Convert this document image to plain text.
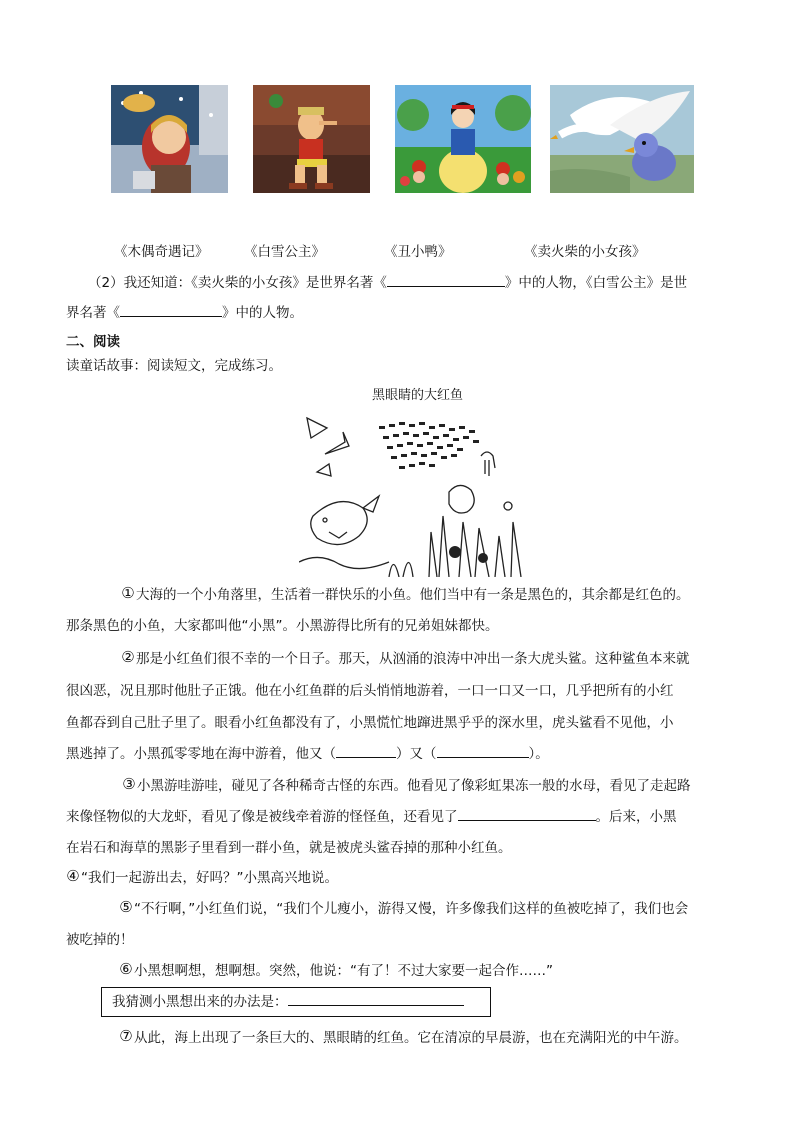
《木偶奇遇记》	《白雪公主》	《丑小鸭》	《卖火柴的小女孩》
（2）我还知道：《卖火柴的小女孩》是世界名著《	》中的人物，《白雪公主》是世
界名著《	》中的人物。
二、阅读
读童话故事：阅读短文，完成练习。
黑眼睛的大红鱼
①大海的一个小角落里，生活着一群快乐的小鱼。他们当中有一条是黑色的，其余都是红色的。
那条黑色的小鱼，大家都叫他“小黑”。小黑游得比所有的兄弟姐妹都快。
②那是小红鱼们很不幸的一个日子。那天，从汹涌的浪涛中冲出一条大虎头鲨。这种鲨鱼本来就
很凶恶，况且那时他肚子正饿。他在小红鱼群的后头悄悄地游着，一口一口又一口，几乎把所有的小红
鱼都吞到自己肚子里了。眼看小红鱼都没有了，小黑慌忙地蹿进黑乎乎的深水里，虎头鲨看不见他，小
黑逃掉了。小黑孤零零地在海中游着，他又（	）又（	）。
③小黑游哇游哇，碰见了各种稀奇古怪的东西。他看见了像彩虹果冻一般的水母，看见了走起路
来像怪物似的大龙虾，看见了像是被线牵着游的怪怪鱼，还看见了	。后来，小黑
在岩石和海草的黑影子里看到一群小鱼，就是被虎头鲨吞掉的那种小红鱼。
④“我们一起游出去，好吗？”小黑高兴地说。
⑤“不行啊，”小红鱼们说，“我们个儿瘦小，游得又慢，许多像我们这样的鱼被吃掉了，我们也会
被吃掉的！
⑥小黑想啊想，想啊想。突然，他说：“有了！不过大家要一起合作……”
我猜测小黑想出来的办法是：
⑦从此，海上出现了一条巨大的、黑眼睛的红鱼。它在清凉的早晨游，也在充满阳光的中午游。
